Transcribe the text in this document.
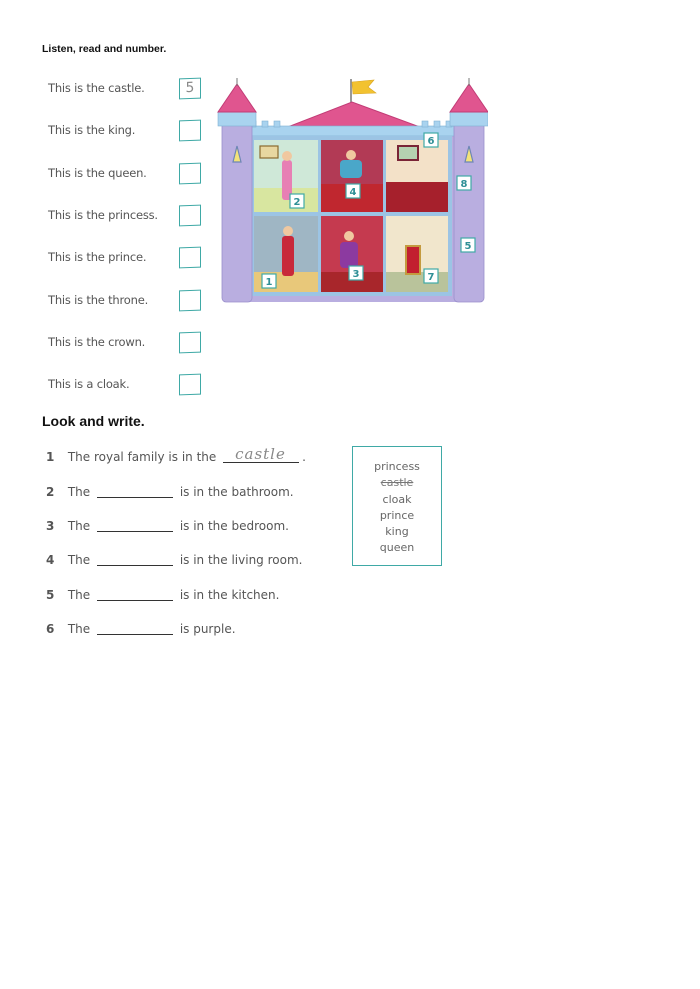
Listen, read and number.
This is the castle.	5
This is the king.
This is the queen.
This is the princess.
This is the prince.
This is the throne.
This is the crown.
This is a cloak.
1
2
3
4
5
6
7
8
Look and write.
1 The royal family is in the castle .
2 The	is in the bathroom.
3 The	is in the bedroom.
4 The	is in the living room.
5 The	is in the kitchen.
6 The	is purple.
princess
castle
cloak
prince
king
queen
